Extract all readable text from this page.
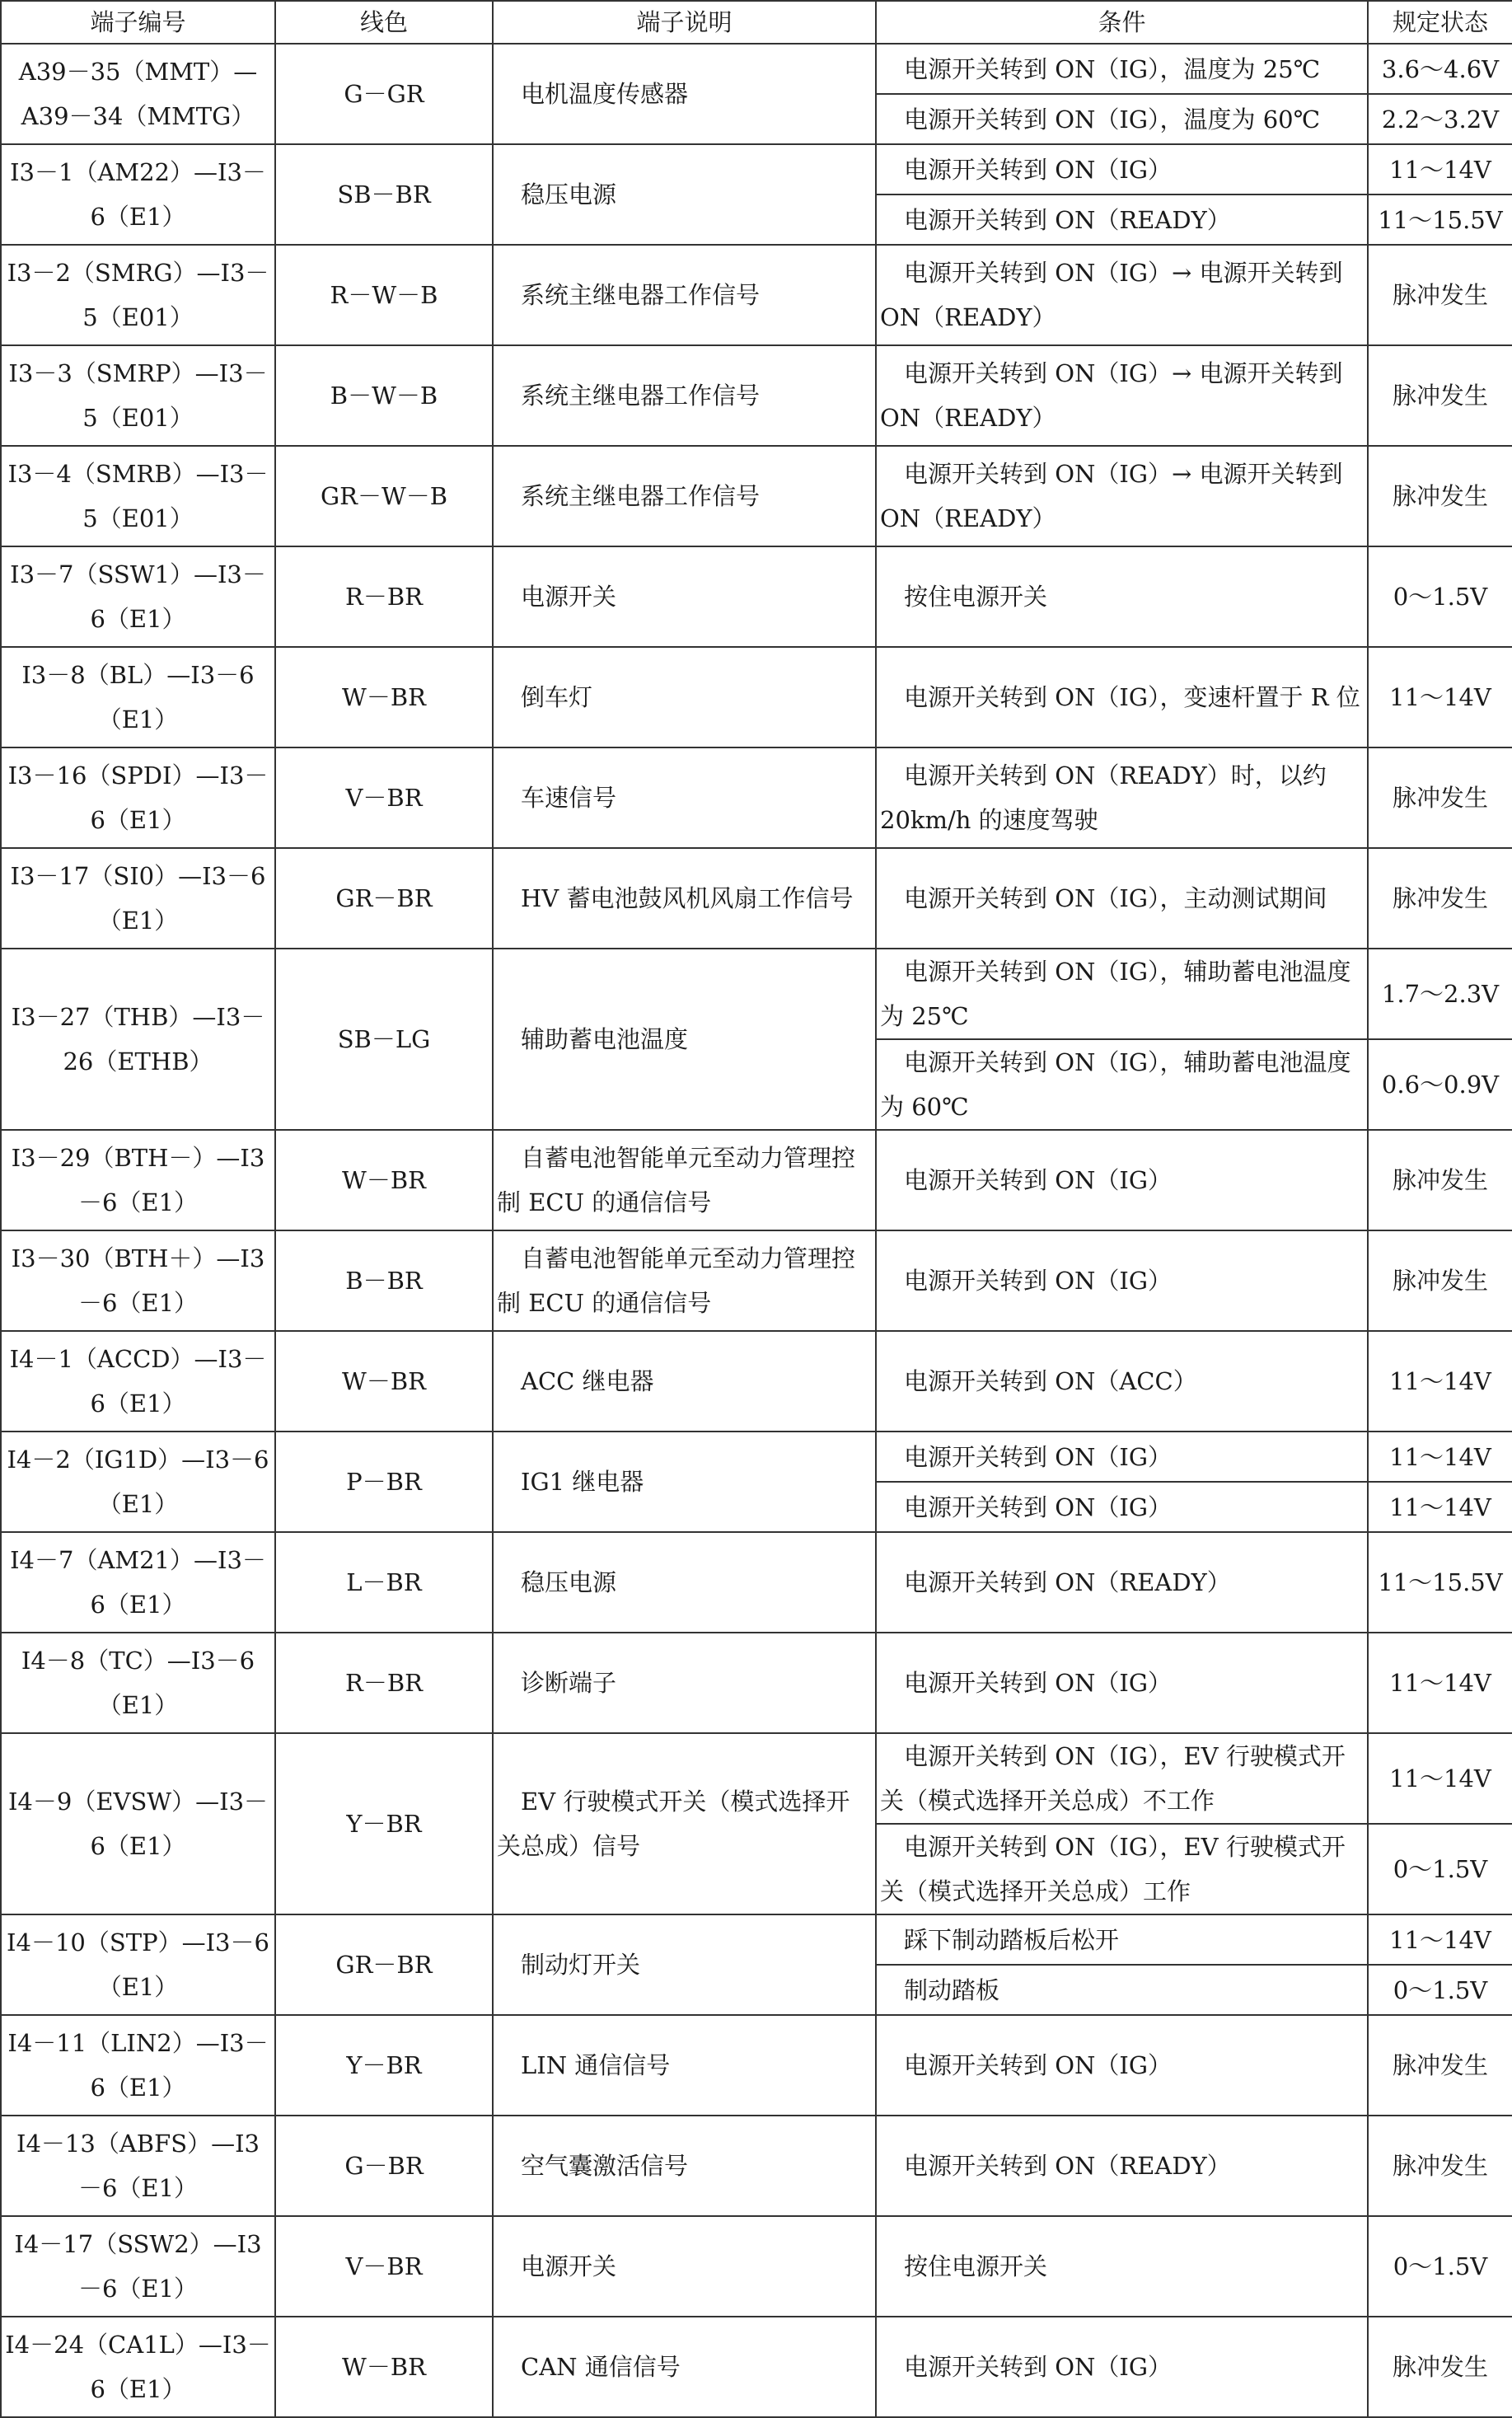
端子编号	线色	端子说明	条件	规定状态
A39－35（MMT）—A39－34（MMTG）	G－GR	电机温度传感器	电源开关转到 ON（IG），温度为 25℃	3.6～4.6V
			电源开关转到 ON（IG），温度为 60℃	2.2～3.2V
I3－1（AM22）—I3－6（E1）	SB－BR	稳压电源	电源开关转到 ON（IG）	11～14V
			电源开关转到 ON（READY）	11～15.5V
I3－2（SMRG）—I3－5（E01）	R－W－B	系统主继电器工作信号	电源开关转到 ON（IG）→ 电源开关转到 ON（READY）	脉冲发生
I3－3（SMRP）—I3－5（E01）	B－W－B	系统主继电器工作信号	电源开关转到 ON（IG）→ 电源开关转到 ON（READY）	脉冲发生
I3－4（SMRB）—I3－5（E01）	GR－W－B	系统主继电器工作信号	电源开关转到 ON（IG）→ 电源开关转到 ON（READY）	脉冲发生
I3－7（SSW1）—I3－6（E1）	R－BR	电源开关	按住电源开关	0～1.5V
I3－8（BL）—I3－6（E1）	W－BR	倒车灯	电源开关转到 ON（IG），变速杆置于 R 位	11～14V
I3－16（SPDI）—I3－6（E1）	V－BR	车速信号	电源开关转到 ON（READY）时，以约 20km/h 的速度驾驶	脉冲发生
I3－17（SI0）—I3－6（E1）	GR－BR	HV 蓄电池鼓风机风扇工作信号	电源开关转到 ON（IG），主动测试期间	脉冲发生
I3－27（THB）—I3－26（ETHB）	SB－LG	辅助蓄电池温度	电源开关转到 ON（IG），辅助蓄电池温度为 25℃	1.7～2.3V
			电源开关转到 ON（IG），辅助蓄电池温度为 60℃	0.6～0.9V
I3－29（BTH－）—I3－6（E1）	W－BR	自蓄电池智能单元至动力管理控制 ECU 的通信信号	电源开关转到 ON（IG）	脉冲发生
I3－30（BTH＋）—I3－6（E1）	B－BR	自蓄电池智能单元至动力管理控制 ECU 的通信信号	电源开关转到 ON（IG）	脉冲发生
I4－1（ACCD）—I3－6（E1）	W－BR	ACC 继电器	电源开关转到 ON（ACC）	11～14V
I4－2（IG1D）—I3－6（E1）	P－BR	IG1 继电器	电源开关转到 ON（IG）	11～14V
			电源开关转到 ON（IG）	11～14V
I4－7（AM21）—I3－6（E1）	L－BR	稳压电源	电源开关转到 ON（READY）	11～15.5V
I4－8（TC）—I3－6（E1）	R－BR	诊断端子	电源开关转到 ON（IG）	11～14V
I4－9（EVSW）—I3－6（E1）	Y－BR	EV 行驶模式开关（模式选择开关总成）信号	电源开关转到 ON（IG），EV 行驶模式开关（模式选择开关总成）不工作	11～14V
			电源开关转到 ON（IG），EV 行驶模式开关（模式选择开关总成）工作	0～1.5V
I4－10（STP）—I3－6（E1）	GR－BR	制动灯开关	踩下制动踏板后松开	11～14V
			制动踏板	0～1.5V
I4－11（LIN2）—I3－6（E1）	Y－BR	LIN 通信信号	电源开关转到 ON（IG）	脉冲发生
I4－13（ABFS）—I3－6（E1）	G－BR	空气囊激活信号	电源开关转到 ON（READY）	脉冲发生
I4－17（SSW2）—I3－6（E1）	V－BR	电源开关	按住电源开关	0～1.5V
I4－24（CA1L）—I3－6（E1）	W－BR	CAN 通信信号	电源开关转到 ON（IG）	脉冲发生
